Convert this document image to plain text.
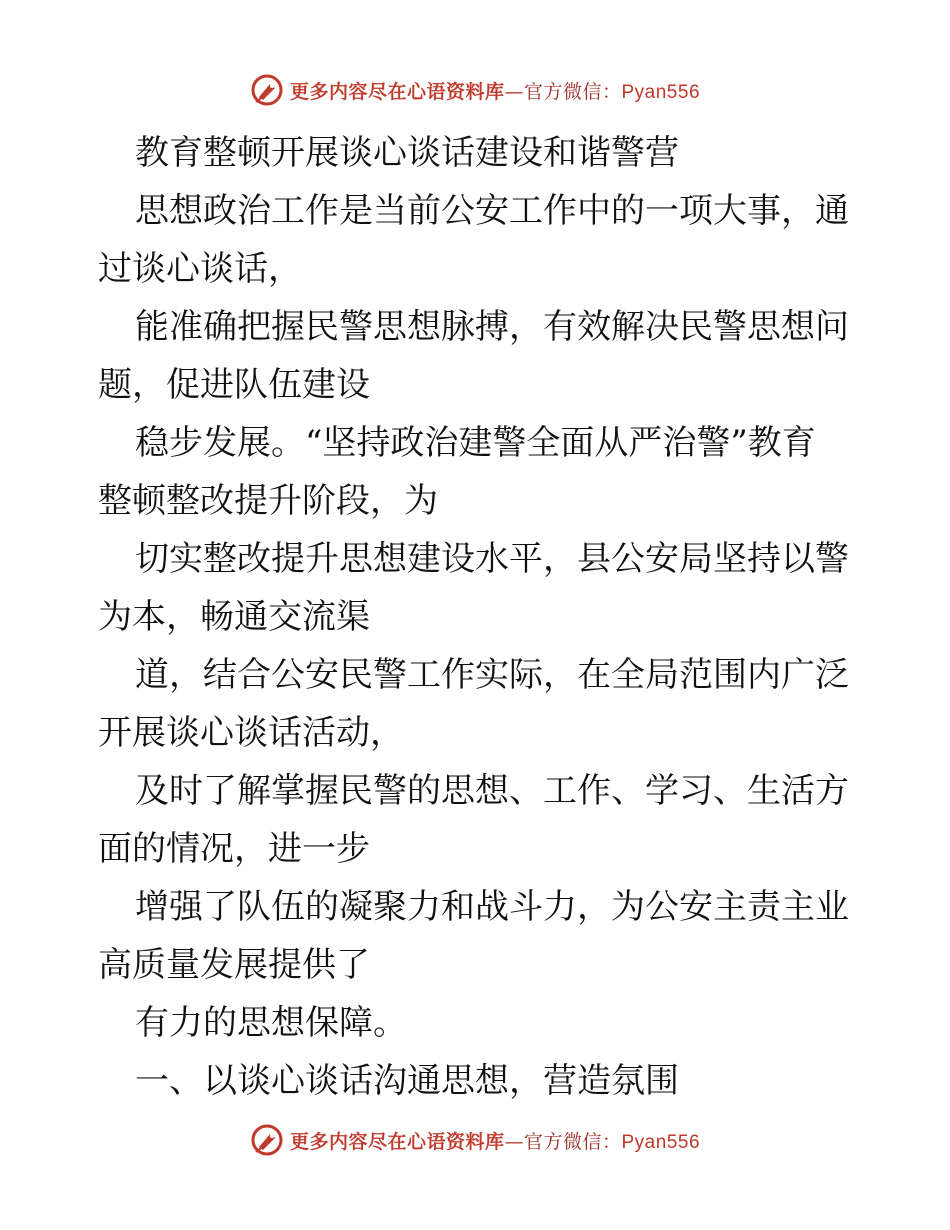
更多内容尽在心语资料库—官方微信：Pyan556
教育整顿开展谈心谈话建设和谐警营
思想政治工作是当前公安工作中的一项大事，通
过谈心谈话，
能准确把握民警思想脉搏，有效解决民警思想问
题，促进队伍建设
稳步发展。“坚持政治建警全面从严治警”教育
整顿整改提升阶段，为
切实整改提升思想建设水平，县公安局坚持以警
为本，畅通交流渠
道，结合公安民警工作实际，在全局范围内广泛
开展谈心谈话活动，
及时了解掌握民警的思想、工作、学习、生活方
面的情况，进一步
增强了队伍的凝聚力和战斗力，为公安主责主业
高质量发展提供了
有力的思想保障。
一、以谈心谈话沟通思想，营造氛围
更多内容尽在心语资料库—官方微信：Pyan556
